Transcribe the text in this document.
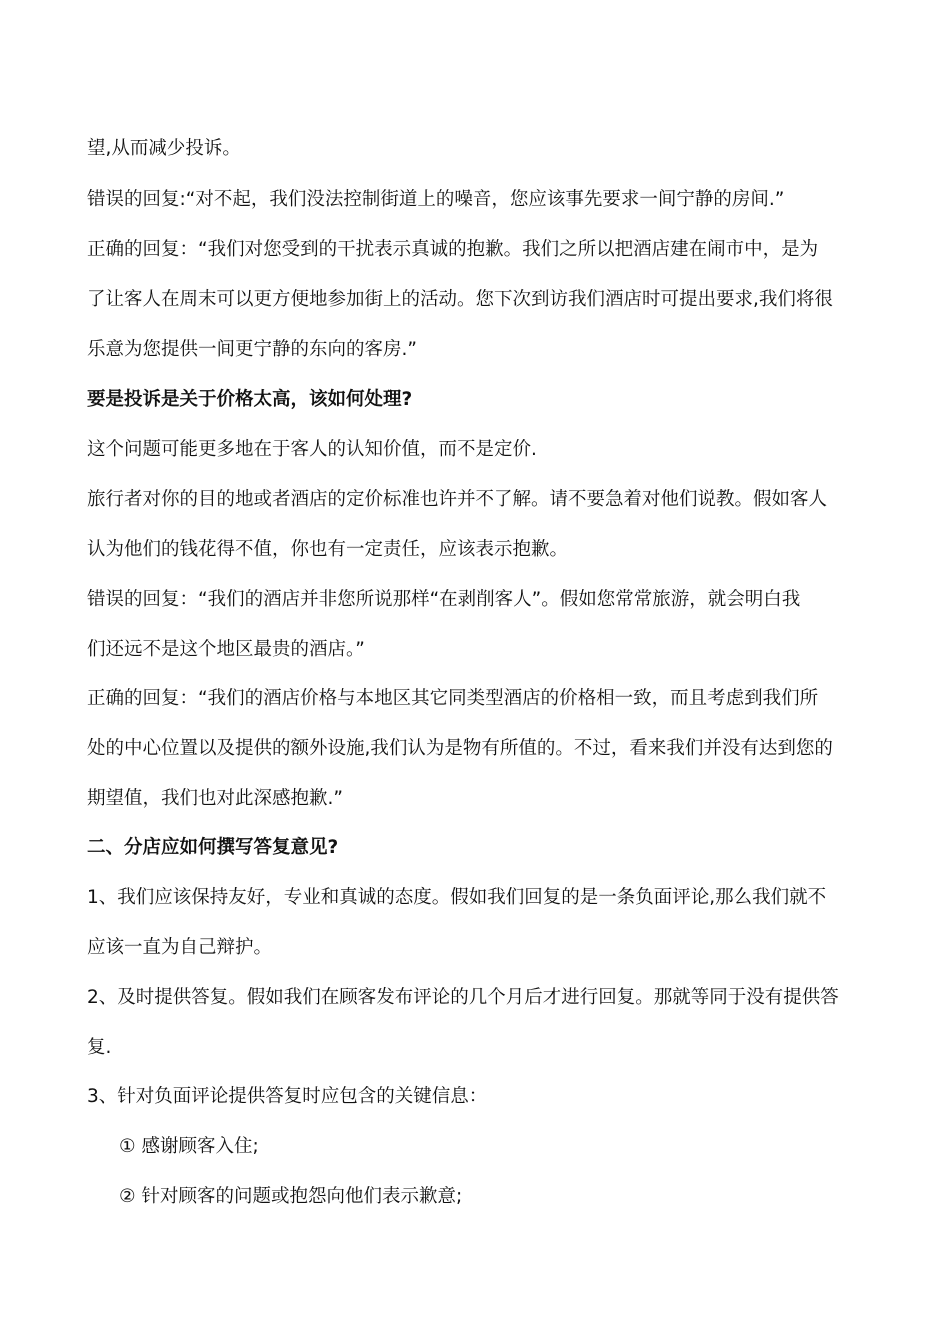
望,从而减少投诉。
错误的回复:“对不起，我们没法控制街道上的噪音，您应该事先要求一间宁静的房间.”
正确的回复：“我们对您受到的干扰表示真诚的抱歉。我们之所以把酒店建在闹市中，是为
了让客人在周末可以更方便地参加街上的活动。您下次到访我们酒店时可提出要求,我们将很
乐意为您提供一间更宁静的东向的客房.”
要是投诉是关于价格太高，该如何处理?
这个问题可能更多地在于客人的认知价值，而不是定价.
旅行者对你的目的地或者酒店的定价标准也许并不了解。请不要急着对他们说教。假如客人
认为他们的钱花得不值，你也有一定责任，应该表示抱歉。
错误的回复：“我们的酒店并非您所说那样“在剥削客人”。假如您常常旅游，就会明白我
们还远不是这个地区最贵的酒店。”
正确的回复：“我们的酒店价格与本地区其它同类型酒店的价格相一致，而且考虑到我们所
处的中心位置以及提供的额外设施,我们认为是物有所值的。不过，看来我们并没有达到您的
期望值，我们也对此深感抱歉.”
二、分店应如何撰写答复意见?
1、我们应该保持友好，专业和真诚的态度。假如我们回复的是一条负面评论,那么我们就不
应该一直为自己辩护。
2、及时提供答复。假如我们在顾客发布评论的几个月后才进行回复。那就等同于没有提供答
复.
3、针对负面评论提供答复时应包含的关键信息：
① 感谢顾客入住;
② 针对顾客的问题或抱怨向他们表示歉意;
